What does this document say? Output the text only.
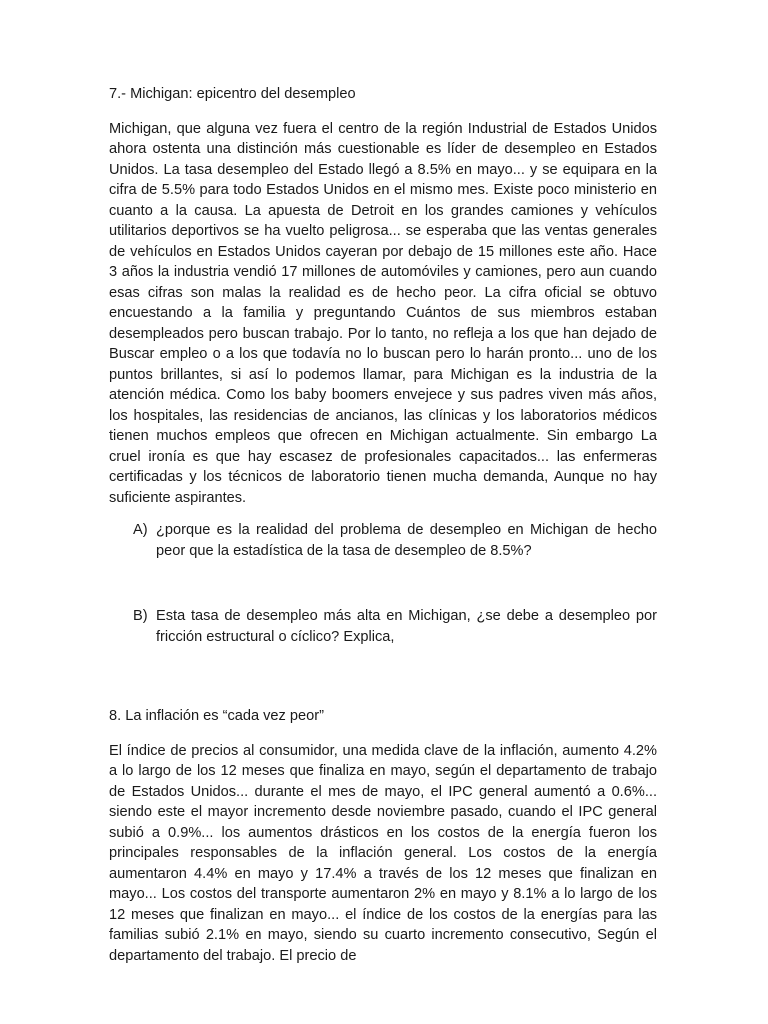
7.- Michigan: epicentro del desempleo

Michigan, que alguna vez fuera el centro de la región Industrial de Estados Unidos ahora ostenta una distinción más cuestionable es líder de desempleo en Estados Unidos. La tasa desempleo del Estado llegó a 8.5% en mayo... y se equipara en la cifra de 5.5% para todo Estados Unidos en el mismo mes. Existe poco ministerio en cuanto a la causa. La apuesta de Detroit en los grandes camiones y vehículos utilitarios deportivos se ha vuelto peligrosa... se esperaba que las ventas generales de vehículos en Estados Unidos cayeran por debajo de 15 millones este año. Hace 3 años la industria vendió 17 millones de automóviles y camiones, pero aun cuando esas cifras son malas la realidad es de hecho peor. La cifra oficial se obtuvo encuestando a la familia y preguntando Cuántos de sus miembros estaban desempleados pero buscan trabajo. Por lo tanto, no refleja a los que han dejado de Buscar empleo o a los que todavía no lo buscan pero lo harán pronto... uno de los puntos brillantes, si así lo podemos llamar, para Michigan es la industria de la atención médica. Como los baby boomers envejece y sus padres viven más años, los hospitales, las residencias de ancianos, las clínicas y los laboratorios médicos tienen muchos empleos que ofrecen en Michigan actualmente. Sin embargo La cruel ironía es que hay escasez de profesionales capacitados... las enfermeras certificadas y los técnicos de laboratorio tienen mucha demanda, Aunque no hay suficiente aspirantes.

A) ¿porque es la realidad del problema de desempleo en Michigan de hecho peor que la estadística de la tasa de desempleo de 8.5%?
B) Esta tasa de desempleo más alta en Michigan, ¿se debe a desempleo por fricción estructural o cíclico? Explica,

8. La inflación es “cada vez peor”

El índice de precios al consumidor, una medida clave de la inflación, aumento 4.2% a lo largo de los 12 meses que finaliza en mayo, según el departamento de trabajo de Estados Unidos... durante el mes de mayo, el IPC general aumentó a 0.6%... siendo este el mayor incremento desde noviembre pasado, cuando el IPC general subió a 0.9%... los aumentos drásticos en los costos de la energía fueron los principales responsables de la inflación general. Los costos de la energía aumentaron 4.4% en mayo y 17.4% a través de los 12 meses que finalizan en mayo... Los costos del transporte aumentaron 2% en mayo y 8.1% a lo largo de los 12 meses que finalizan en mayo... el índice de los costos de la energías para las familias subió 2.1% en mayo, siendo su cuarto incremento consecutivo, Según el departamento del trabajo. El precio de
